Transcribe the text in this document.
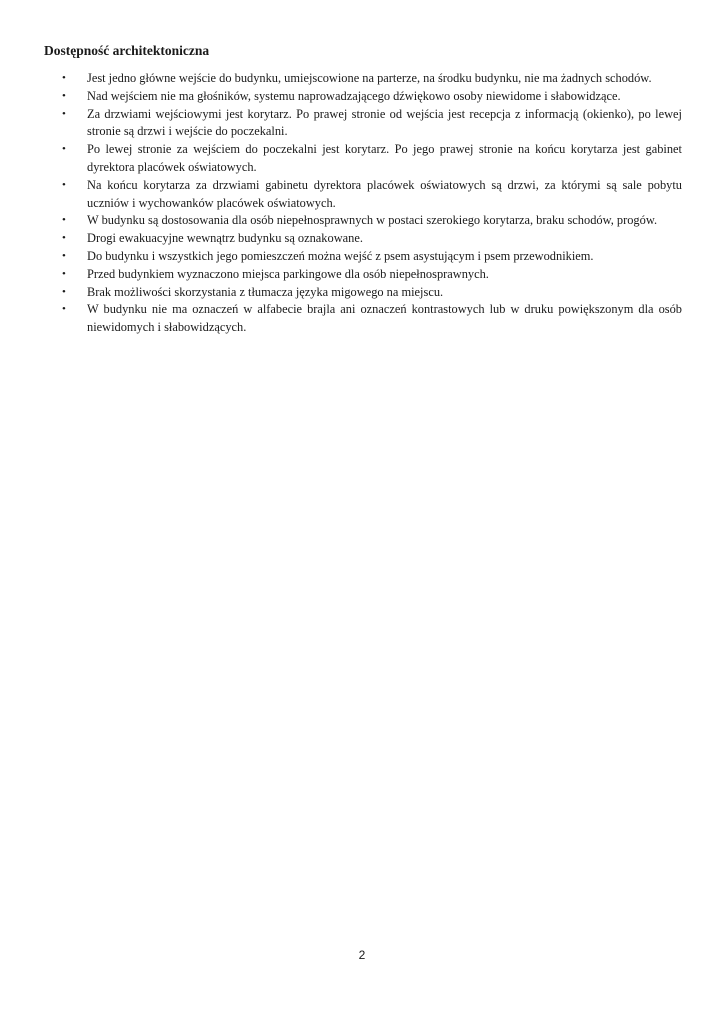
Dostępność architektoniczna
• Jest jedno główne wejście do budynku, umiejscowione na parterze, na środku budynku, nie ma żadnych schodów.
• Nad wejściem nie ma głośników, systemu naprowadzającego dźwiękowo osoby niewidome i słabowidzące.
• Za drzwiami wejściowymi jest korytarz. Po prawej stronie od wejścia jest recepcja z informacją (okienko), po lewej stronie są drzwi i wejście do poczekalni.
• Po lewej stronie za wejściem do poczekalni jest korytarz. Po jego prawej stronie na końcu korytarza jest gabinet dyrektora placówek oświatowych.
• Na końcu korytarza za drzwiami gabinetu dyrektora placówek oświatowych są drzwi, za którymi są sale pobytu uczniów i wychowanków placówek oświatowych.
• W budynku są dostosowania dla osób niepełnosprawnych w postaci szerokiego korytarza, braku schodów, progów.
• Drogi ewakuacyjne wewnątrz budynku są oznakowane.
• Do budynku i wszystkich jego pomieszczeń można wejść z psem asystującym i psem przewodnikiem.
• Przed budynkiem wyznaczono miejsca parkingowe dla osób niepełnosprawnych.
• Brak możliwości skorzystania z tłumacza języka migowego na miejscu.
• W budynku nie ma oznaczeń w alfabecie brajla ani oznaczeń kontrastowych lub w druku powiększonym dla osób niewidomych i słabowidzących.
2
